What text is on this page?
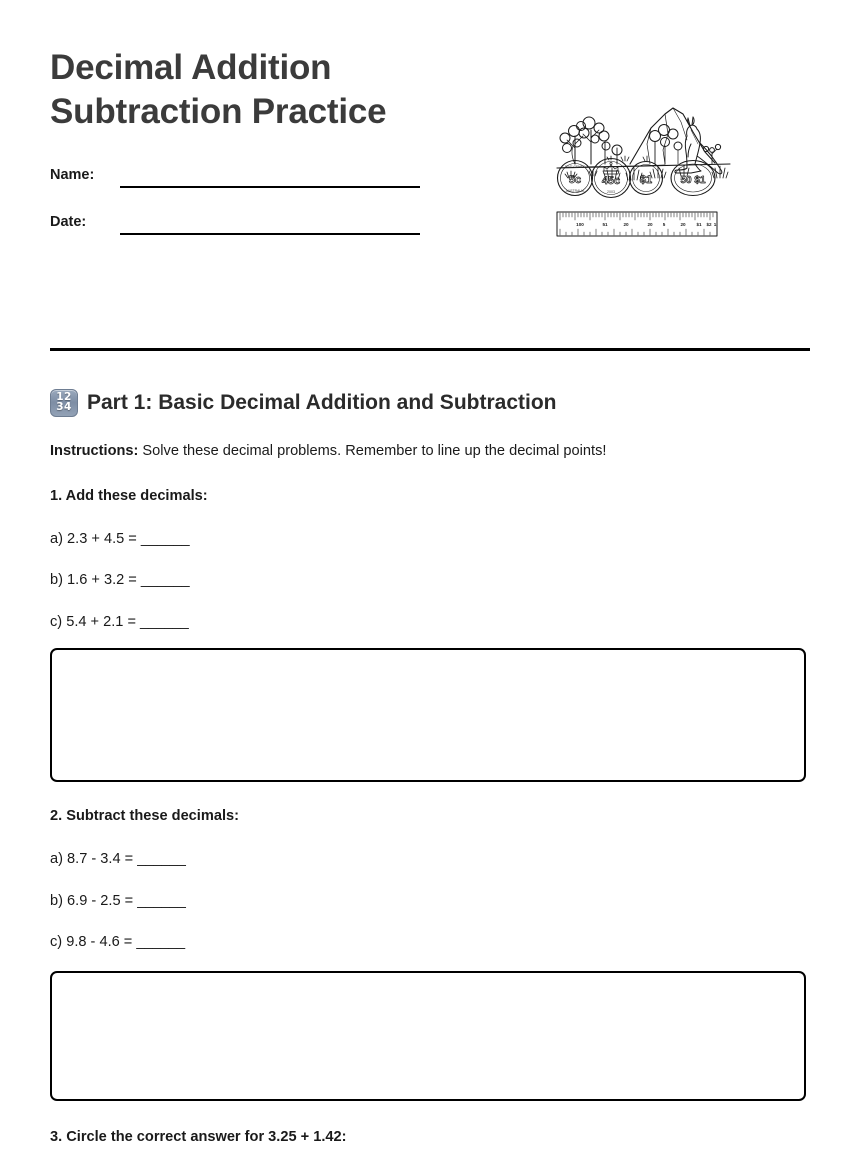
Decimal Addition
Subtraction Practice
Name:
Date:
5c
FIVE CENTS
AUSTRALIA
45c
2003
$1	50 $1
100	51	20	20 5	20 $1 $2 1
12
34 Part 1: Basic Decimal Addition and Subtraction
Instructions: Solve these decimal problems. Remember to line up the decimal points!
1. Add these decimals:
a) 2.3 + 4.5 = ______
b) 1.6 + 3.2 = ______
c) 5.4 + 2.1 = ______
2. Subtract these decimals:
a) 8.7 - 3.4 = ______
b) 6.9 - 2.5 = ______
c) 9.8 - 4.6 = ______
3. Circle the correct answer for 3.25 + 1.42:
